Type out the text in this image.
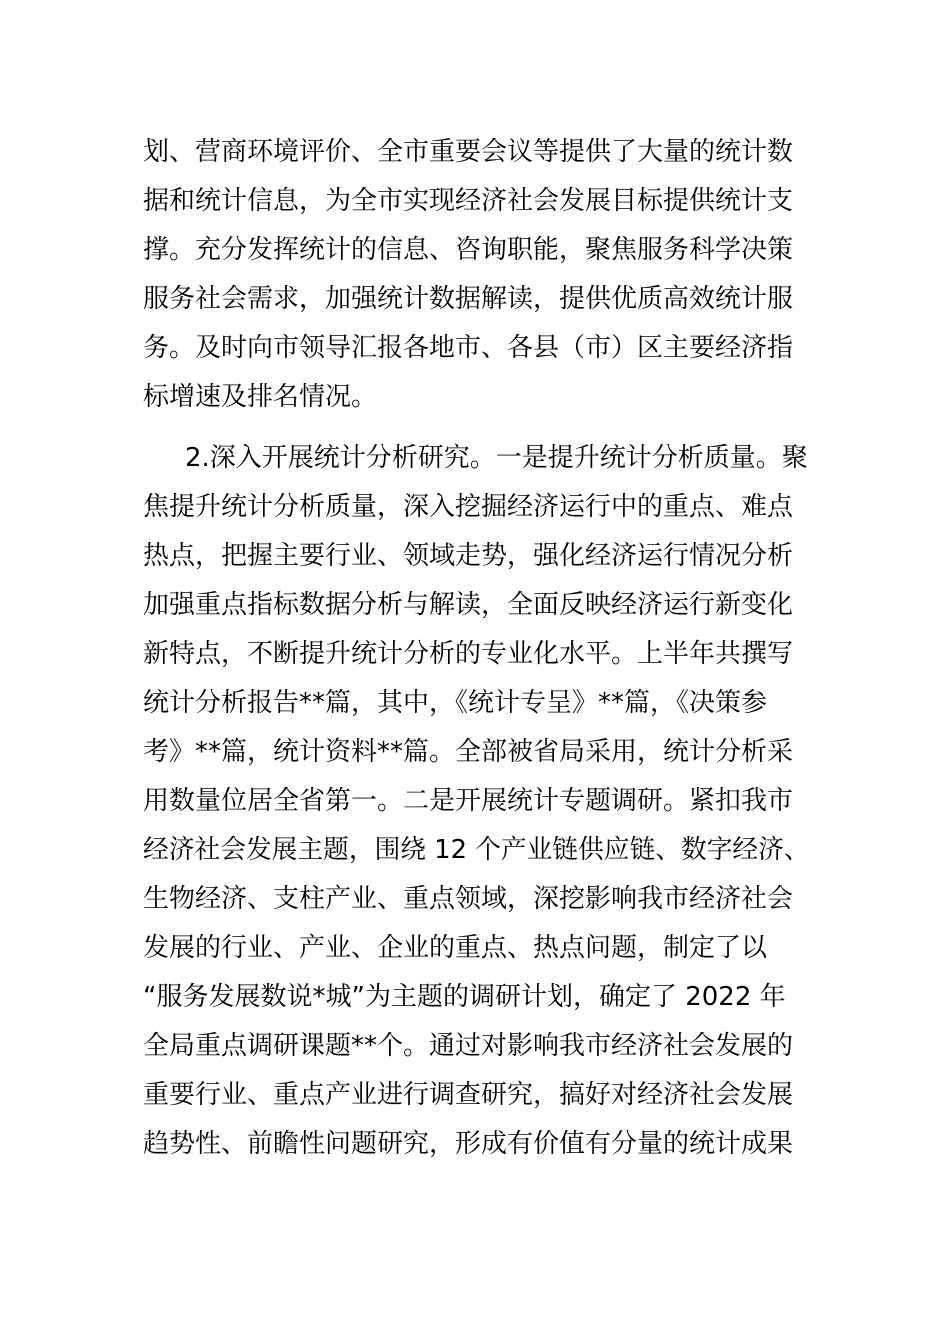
划、营商环境评价、全市重要会议等提供了大量的统计数
据和统计信息，为全市实现经济社会发展目标提供统计支
撑。充分发挥统计的信息、咨询职能，聚焦服务科学决策
服务社会需求，加强统计数据解读，提供优质高效统计服
务。及时向市领导汇报各地市、各县（市）区主要经济指
标增速及排名情况。
2.深入开展统计分析研究。一是提升统计分析质量。聚
焦提升统计分析质量，深入挖掘经济运行中的重点、难点
热点，把握主要行业、领域走势，强化经济运行情况分析
加强重点指标数据分析与解读，全面反映经济运行新变化
新特点，不断提升统计分析的专业化水平。上半年共撰写
统计分析报告**篇，其中，《统计专呈》**篇，《决策参
考》**篇，统计资料**篇。全部被省局采用，统计分析采
用数量位居全省第一。二是开展统计专题调研。紧扣我市
经济社会发展主题，围绕 12 个产业链供应链、数字经济、
生物经济、支柱产业、重点领域，深挖影响我市经济社会
发展的行业、产业、企业的重点、热点问题，制定了以
“服务发展数说*城”为主题的调研计划，确定了 2022 年
全局重点调研课题**个。通过对影响我市经济社会发展的
重要行业、重点产业进行调查研究，搞好对经济社会发展
趋势性、前瞻性问题研究，形成有价值有分量的统计成果
